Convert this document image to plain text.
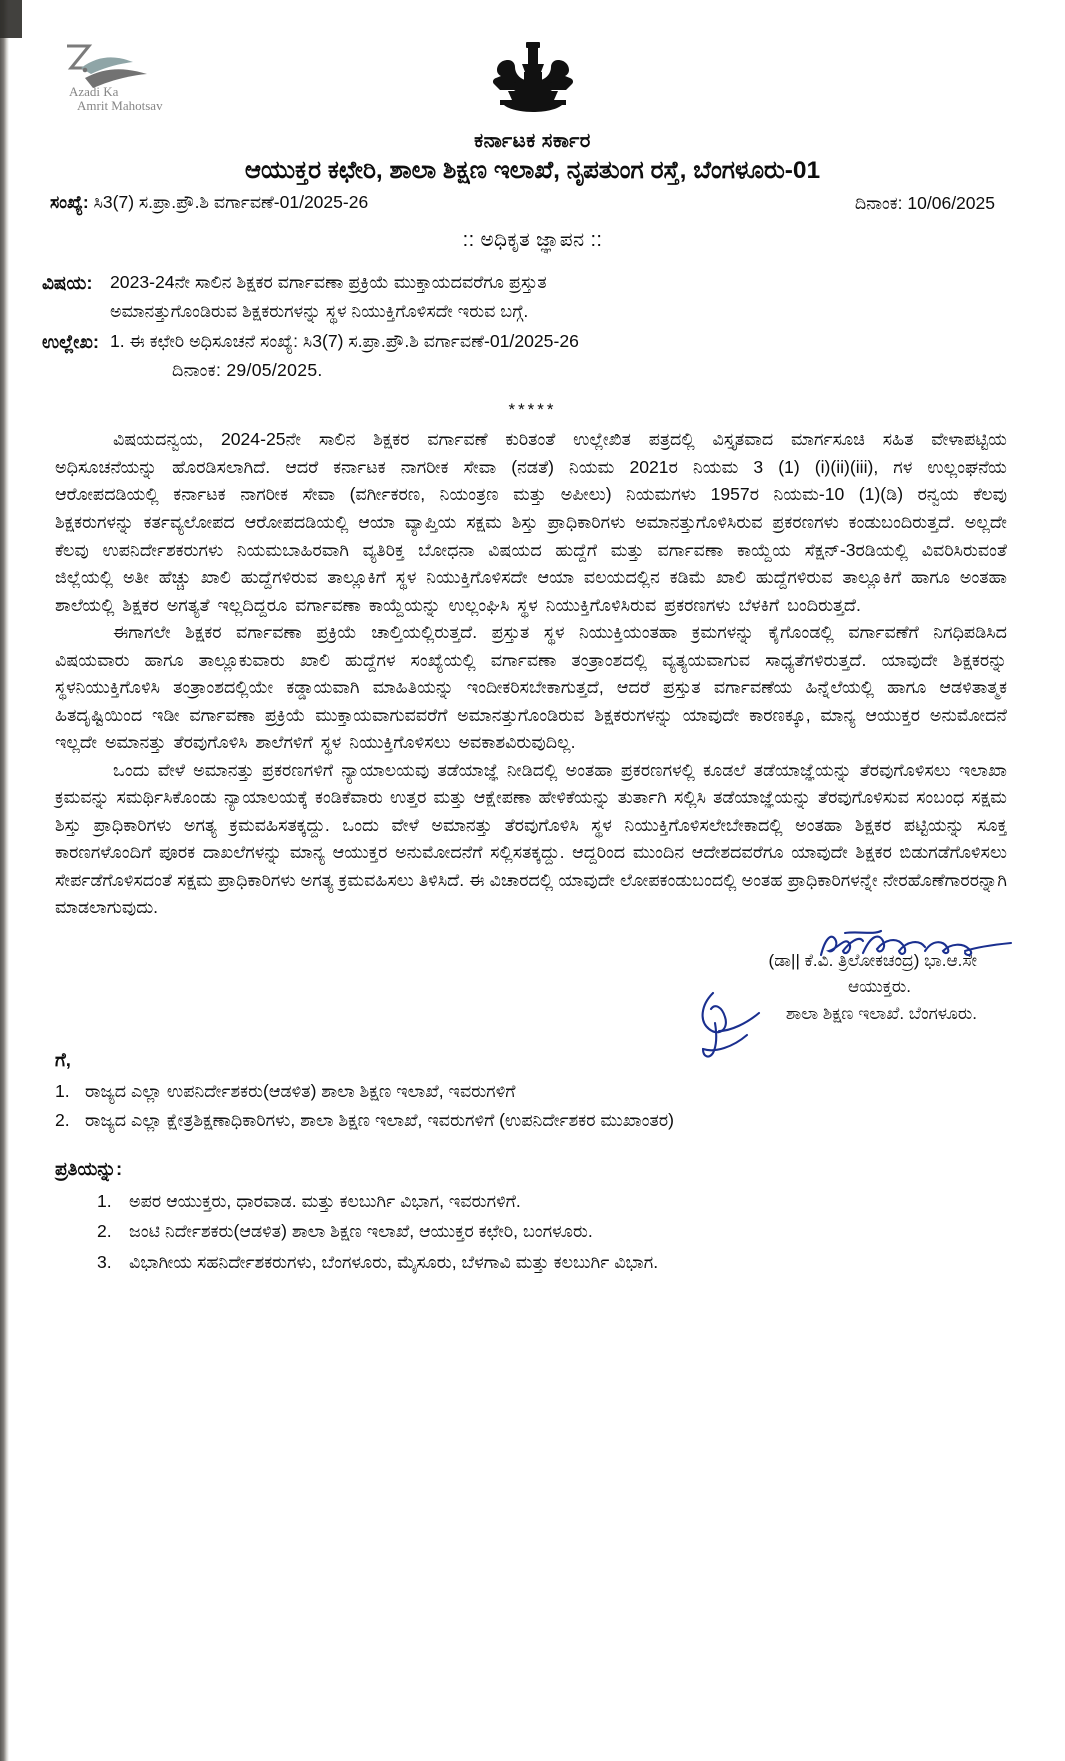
Azadi Ka
Amrit Mahotsav
ಕರ್ನಾಟಕ ಸರ್ಕಾರ
ಆಯುಕ್ತರ ಕಛೇರಿ, ಶಾಲಾ ಶಿಕ್ಷಣ ಇಲಾಖೆ, ನೃಪತುಂಗ ರಸ್ತೆ, ಬೆಂಗಳೂರು-01
ಸಂಖ್ಯೆ: ಸಿ3(7) ಸ.ಪ್ರಾ.ಪ್ರೌ.ಶಿ ವರ್ಗಾವಣೆ-01/2025-26	ದಿನಾಂಕ: 10/06/2025
:: ಅಧಿಕೃತ ಜ್ಞಾಪನ ::
ವಿಷಯ: 2023-24ನೇ ಸಾಲಿನ ಶಿಕ್ಷಕರ ವರ್ಗಾವಣಾ ಪ್ರಕ್ರಿಯೆ ಮುಕ್ತಾಯದವರೆಗೂ ಪ್ರಸ್ತುತ
ಅಮಾನತ್ತುಗೊಂಡಿರುವ ಶಿಕ್ಷಕರುಗಳನ್ನು ಸ್ಥಳ ನಿಯುಕ್ತಿಗೊಳಿಸದೇ ಇರುವ ಬಗ್ಗೆ.
ಉಲ್ಲೇಖ: 1. ಈ ಕಛೇರಿ ಅಧಿಸೂಚನೆ ಸಂಖ್ಯೆ: ಸಿ3(7) ಸ.ಪ್ರಾ.ಪ್ರೌ.ಶಿ ವರ್ಗಾವಣೆ-01/2025-26
ದಿನಾಂಕ: 29/05/2025.
*****

ವಿಷಯದನ್ವಯ, 2024-25ನೇ ಸಾಲಿನ ಶಿಕ್ಷಕರ ವರ್ಗಾವಣೆ ಕುರಿತಂತೆ ಉಲ್ಲೇಖಿತ ಪತ್ರದಲ್ಲಿ ವಿಸ್ತೃತವಾದ ಮಾರ್ಗಸೂಚಿ ಸಹಿತ ವೇಳಾಪಟ್ಟಿಯ ಅಧಿಸೂಚನೆಯನ್ನು ಹೊರಡಿಸಲಾಗಿದೆ. ಆದರೆ ಕರ್ನಾಟಕ ನಾಗರೀಕ ಸೇವಾ (ನಡತೆ) ನಿಯಮ 2021ರ ನಿಯಮ 3 (1) (i)(ii)(iii), ಗಳ ಉಲ್ಲಂಘನೆಯ ಆರೋಪದಡಿಯಲ್ಲಿ ಕರ್ನಾಟಕ ನಾಗರೀಕ ಸೇವಾ (ವರ್ಗೀಕರಣ, ನಿಯಂತ್ರಣ ಮತ್ತು ಅಪೀಲು) ನಿಯಮಗಳು 1957ರ ನಿಯಮ-10 (1)(ಡಿ) ರನ್ವಯ ಕೆಲವು ಶಿಕ್ಷಕರುಗಳನ್ನು ಕರ್ತವ್ಯಲೋಪದ ಆರೋಪದಡಿಯಲ್ಲಿ ಆಯಾ ವ್ಯಾಪ್ತಿಯ ಸಕ್ಷಮ ಶಿಸ್ತು ಪ್ರಾಧಿಕಾರಿಗಳು ಅಮಾನತ್ತುಗೊಳಿಸಿರುವ ಪ್ರಕರಣಗಳು ಕಂಡುಬಂದಿರುತ್ತದೆ. ಅಲ್ಲದೇ ಕೆಲವು ಉಪನಿರ್ದೇಶಕರುಗಳು ನಿಯಮಬಾಹಿರವಾಗಿ ವ್ಯತಿರಿಕ್ತ ಬೋಧನಾ ವಿಷಯದ ಹುದ್ದೆಗೆ ಮತ್ತು ವರ್ಗಾವಣಾ ಕಾಯ್ದೆಯ ಸೆಕ್ಷನ್-3ರಡಿಯಲ್ಲಿ ವಿವರಿಸಿರುವಂತೆ ಜಿಲ್ಲೆಯಲ್ಲಿ ಅತೀ ಹೆಚ್ಚು ಖಾಲಿ ಹುದ್ದೆಗಳಿರುವ ತಾಲ್ಲೂಕಿಗೆ ಸ್ಥಳ ನಿಯುಕ್ತಿಗೊಳಿಸದೇ ಆಯಾ ವಲಯದಲ್ಲಿನ ಕಡಿಮೆ ಖಾಲಿ ಹುದ್ದೆಗಳಿರುವ ತಾಲ್ಲೂಕಿಗೆ ಹಾಗೂ ಅಂತಹಾ ಶಾಲೆಯಲ್ಲಿ ಶಿಕ್ಷಕರ ಅಗತ್ಯತೆ ಇಲ್ಲದಿದ್ದರೂ ವರ್ಗಾವಣಾ ಕಾಯ್ದೆಯನ್ನು ಉಲ್ಲಂಘಿಸಿ ಸ್ಥಳ ನಿಯುಕ್ತಿಗೊಳಿಸಿರುವ ಪ್ರಕರಣಗಳು ಬೆಳಕಿಗೆ ಬಂದಿರುತ್ತದೆ.

ಈಗಾಗಲೇ ಶಿಕ್ಷಕರ ವರ್ಗಾವಣಾ ಪ್ರಕ್ರಿಯೆ ಚಾಲ್ತಿಯಲ್ಲಿರುತ್ತದೆ. ಪ್ರಸ್ತುತ ಸ್ಥಳ ನಿಯುಕ್ತಿಯಂತಹಾ ಕ್ರಮಗಳನ್ನು ಕೈಗೊಂಡಲ್ಲಿ ವರ್ಗಾವಣೆಗೆ ನಿಗಧಿಪಡಿಸಿದ ವಿಷಯವಾರು ಹಾಗೂ ತಾಲ್ಲೂಕುವಾರು ಖಾಲಿ ಹುದ್ದೆಗಳ ಸಂಖ್ಯೆಯಲ್ಲಿ ವರ್ಗಾವಣಾ ತಂತ್ರಾಂಶದಲ್ಲಿ ವ್ಯತ್ಯಯವಾಗುವ ಸಾಧ್ಯತೆಗಳಿರುತ್ತದೆ. ಯಾವುದೇ ಶಿಕ್ಷಕರನ್ನು ಸ್ಥಳನಿಯುಕ್ತಿಗೊಳಿಸಿ ತಂತ್ರಾಂಶದಲ್ಲಿಯೇ ಕಡ್ಡಾಯವಾಗಿ ಮಾಹಿತಿಯನ್ನು ಇಂದೀಕರಿಸಬೇಕಾಗುತ್ತದೆ, ಆದರೆ ಪ್ರಸ್ತುತ ವರ್ಗಾವಣೆಯ ಹಿನ್ನೆಲೆಯಲ್ಲಿ ಹಾಗೂ ಆಡಳಿತಾತ್ಮಕ ಹಿತದೃಷ್ಟಿಯಿಂದ ಇಡೀ ವರ್ಗಾವಣಾ ಪ್ರಕ್ರಿಯೆ ಮುಕ್ತಾಯವಾಗುವವರೆಗೆ ಅಮಾನತ್ತುಗೊಂಡಿರುವ ಶಿಕ್ಷಕರುಗಳನ್ನು ಯಾವುದೇ ಕಾರಣಕ್ಕೂ, ಮಾನ್ಯ ಆಯುಕ್ತರ ಅನುಮೋದನೆ ಇಲ್ಲದೇ ಅಮಾನತ್ತು ತೆರವುಗೊಳಿಸಿ ಶಾಲೆಗಳಿಗೆ ಸ್ಥಳ ನಿಯುಕ್ತಿಗೊಳಿಸಲು ಅವಕಾಶವಿರುವುದಿಲ್ಲ.

ಒಂದು ವೇಳೆ ಅಮಾನತ್ತು ಪ್ರಕರಣಗಳಿಗೆ ನ್ಯಾಯಾಲಯವು ತಡೆಯಾಜ್ಞೆ ನೀಡಿದಲ್ಲಿ ಅಂತಹಾ ಪ್ರಕರಣಗಳಲ್ಲಿ ಕೂಡಲೆ ತಡೆಯಾಜ್ಞೆಯನ್ನು ತೆರವುಗೊಳಿಸಲು ಇಲಾಖಾ ಕ್ರಮವನ್ನು ಸಮರ್ಥಿಸಿಕೊಂಡು ನ್ಯಾಯಾಲಯಕ್ಕೆ ಕಂಡಿಕೆವಾರು ಉತ್ತರ ಮತ್ತು ಆಕ್ಷೇಪಣಾ ಹೇಳಿಕೆಯನ್ನು ತುರ್ತಾಗಿ ಸಲ್ಲಿಸಿ ತಡೆಯಾಜ್ಞೆಯನ್ನು ತೆರವುಗೊಳಿಸುವ ಸಂಬಂಧ ಸಕ್ಷಮ ಶಿಸ್ತು ಪ್ರಾಧಿಕಾರಿಗಳು ಅಗತ್ಯ ಕ್ರಮವಹಿಸತಕ್ಕದ್ದು. ಒಂದು ವೇಳೆ ಅಮಾನತ್ತು ತೆರವುಗೊಳಿಸಿ ಸ್ಥಳ ನಿಯುಕ್ತಿಗೊಳಿಸಲೇಬೇಕಾದಲ್ಲಿ ಅಂತಹಾ ಶಿಕ್ಷಕರ ಪಟ್ಟಿಯನ್ನು ಸೂಕ್ತ ಕಾರಣಗಳೊಂದಿಗೆ ಪೂರಕ ದಾಖಲೆಗಳನ್ನು ಮಾನ್ಯ ಆಯುಕ್ತರ ಅನುಮೋದನೆಗೆ ಸಲ್ಲಿಸತಕ್ಕದ್ದು. ಆದ್ದರಿಂದ ಮುಂದಿನ ಆದೇಶದವರೆಗೂ ಯಾವುದೇ ಶಿಕ್ಷಕರ ಬಿಡುಗಡೆಗೊಳಿಸಲು ಸೇರ್ಪಡೆಗೊಳಿಸದಂತೆ ಸಕ್ಷಮ ಪ್ರಾಧಿಕಾರಿಗಳು ಅಗತ್ಯ ಕ್ರಮವಹಿಸಲು ತಿಳಿಸಿದೆ. ಈ ವಿಚಾರದಲ್ಲಿ ಯಾವುದೇ ಲೋಪಕಂಡುಬಂದಲ್ಲಿ ಅಂತಹ ಪ್ರಾಧಿಕಾರಿಗಳನ್ನೇ ನೇರಹೊಣೆಗಾರರನ್ನಾಗಿ ಮಾಡಲಾಗುವುದು.

(ಡಾ|| ಕೆ.ವಿ. ತ್ರಿಲೋಕಚಂದ್ರ) ಭಾ.ಆ.ಸೇ
ಆಯುಕ್ತರು.
ಶಾಲಾ ಶಿಕ್ಷಣ ಇಲಾಖೆ. ಬೆಂಗಳೂರು.
ಗೆ,
1. ರಾಜ್ಯದ ಎಲ್ಲಾ ಉಪನಿರ್ದೇಶಕರು(ಆಡಳಿತ) ಶಾಲಾ ಶಿಕ್ಷಣ ಇಲಾಖೆ, ಇವರುಗಳಿಗೆ
2. ರಾಜ್ಯದ ಎಲ್ಲಾ ಕ್ಷೇತ್ರಶಿಕ್ಷಣಾಧಿಕಾರಿಗಳು, ಶಾಲಾ ಶಿಕ್ಷಣ ಇಲಾಖೆ, ಇವರುಗಳಿಗೆ (ಉಪನಿರ್ದೇಶಕರ ಮುಖಾಂತರ)
ಪ್ರತಿಯನ್ನು:
1. ಅಪರ ಆಯುಕ್ತರು, ಧಾರವಾಡ. ಮತ್ತು ಕಲಬುರ್ಗಿ ವಿಭಾಗ, ಇವರುಗಳಿಗೆ.
2. ಜಂಟಿ ನಿರ್ದೇಶಕರು(ಆಡಳಿತ) ಶಾಲಾ ಶಿಕ್ಷಣ ಇಲಾಖೆ, ಆಯುಕ್ತರ ಕಛೇರಿ, ಬಂಗಳೂರು.
3. ವಿಭಾಗೀಯ ಸಹನಿರ್ದೇಶಕರುಗಳು, ಬೆಂಗಳೂರು, ಮೈಸೂರು, ಬೆಳಗಾವಿ ಮತ್ತು ಕಲಬುರ್ಗಿ ವಿಭಾಗ.
